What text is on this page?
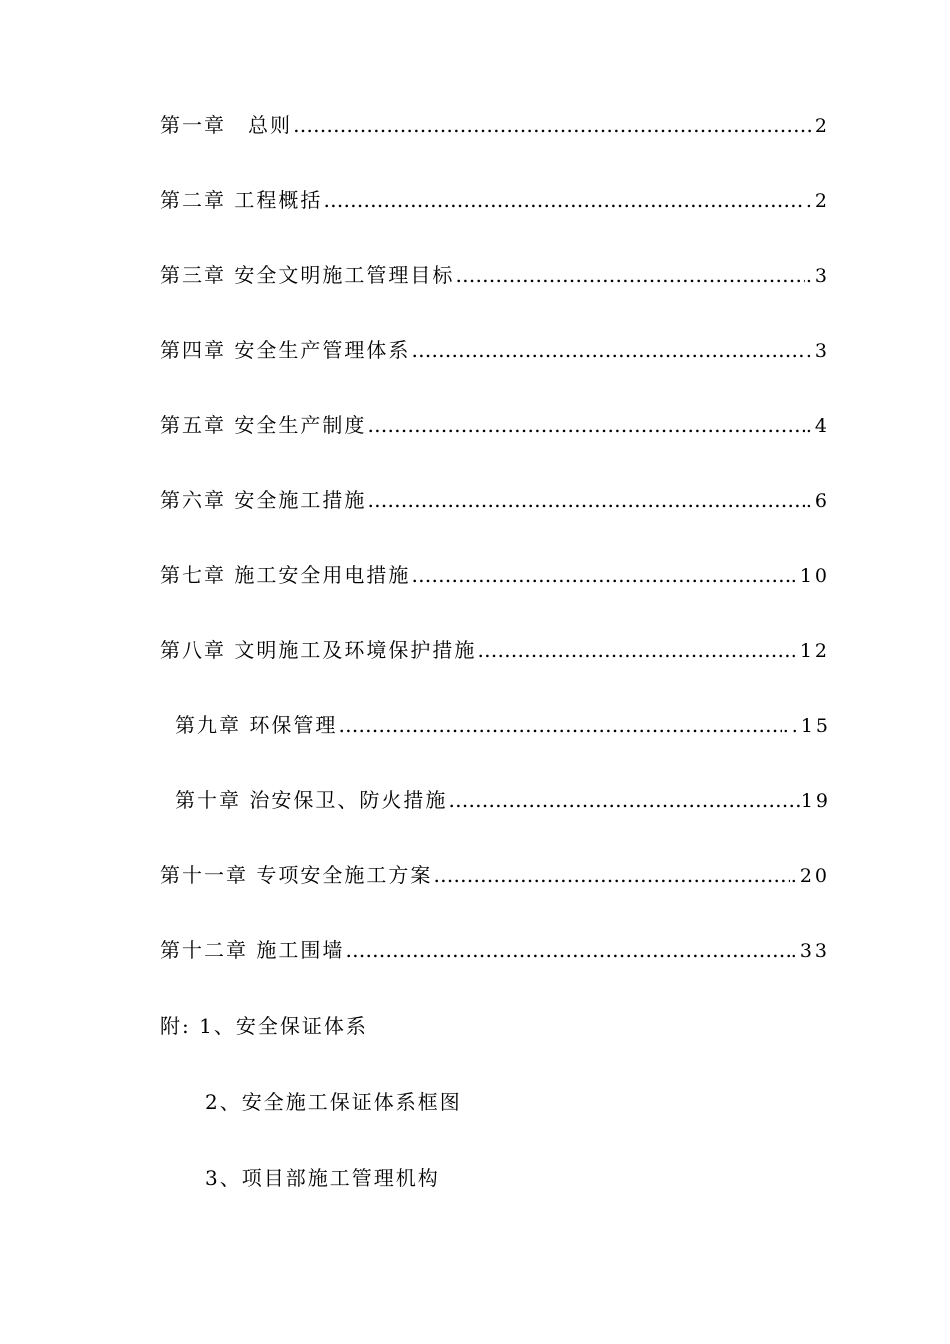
第一章　总则 …………………………………………………………………………………………………………………………………………………………………………………………………………	2
第二章 工程概括 …………………………………………………………………………………………………………………………………………………………………………………………………………	.2
第三章 安全文明施工管理目标 …………………………………………………………………………………………………………………………………………………………………………………………………………	.3
第四章 安全生产管理体系 …………………………………………………………………………………………………………………………………………………………………………………………………………	.3
第五章 安全生产制度 …………………………………………………………………………………………………………………………………………………………………………………………………………	.4
第六章 安全施工措施 …………………………………………………………………………………………………………………………………………………………………………………………………………	.6
第七章 施工安全用电措施 …………………………………………………………………………………………………………………………………………………………………………………………………………	.10
第八章 文明施工及环境保护措施 …………………………………………………………………………………………………………………………………………………………………………………………………………	.12
第九章 环保管理 …………………………………………………………………………………………………………………………………………………………………………………………………………	..15
第十章 治安保卫、防火措施 …………………………………………………………………………………………………………………………………………………………………………………………………………	19
第十一章 专项安全施工方案 …………………………………………………………………………………………………………………………………………………………………………………………………………	.20
第十二章 施工围墙 …………………………………………………………………………………………………………………………………………………………………………………………………………	.33
附: 1、安全保证体系
2、安全施工保证体系框图
3、项目部施工管理机构
